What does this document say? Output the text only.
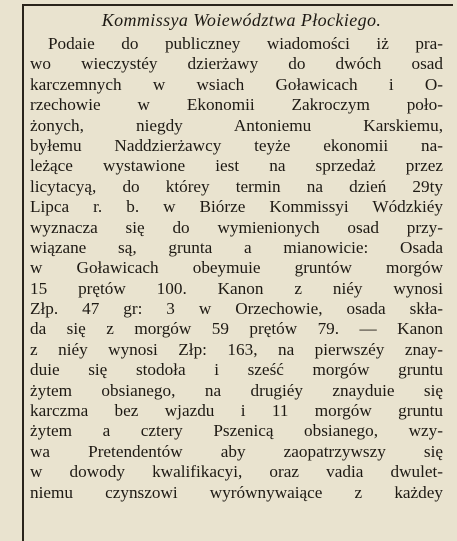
Kommissya Woiewództwa Płockiego.
Podaie do publiczney wiadomości iż pra-
wo wieczystéy dzierżawy do dwóch osad
karczemnych w wsiach Goławicach i O-
rzechowie w Ekonomii Zakroczym poło-
żonych, niegdy Antoniemu Karskiemu,
byłemu Naddzierżawcy teyże ekonomii na-
leżące wystawione iest na sprzedaż przez
licytacyą, do którey termin na dzień 29ty
Lipca r. b. w Biórze Kommissyi Wódzkiéy
wyznacza się do wymienionych osad przy-
wiązane są, grunta a mianowicie: Osada
w Goławicach obeymuie gruntów morgów
15 prętów 100. Kanon z niéy wynosi
Złp. 47 gr: 3 w Orzechowie, osada skła-
da się z morgów 59 prętów 79. — Kanon
z niéy wynosi Złp: 163, na pierwszéy znay-
duie się stodoła i sześć morgów gruntu
żytem obsianego, na drugiéy znayduie się
karczma bez wjazdu i 11 morgów gruntu
żytem a cztery Pszenicą obsianego, wzy-
wa Pretendentów aby zaopatrzywszy się
w dowody kwalifikacyi, oraz vadia dwulet-
niemu czynszowi wyrównywaiące z każdey
